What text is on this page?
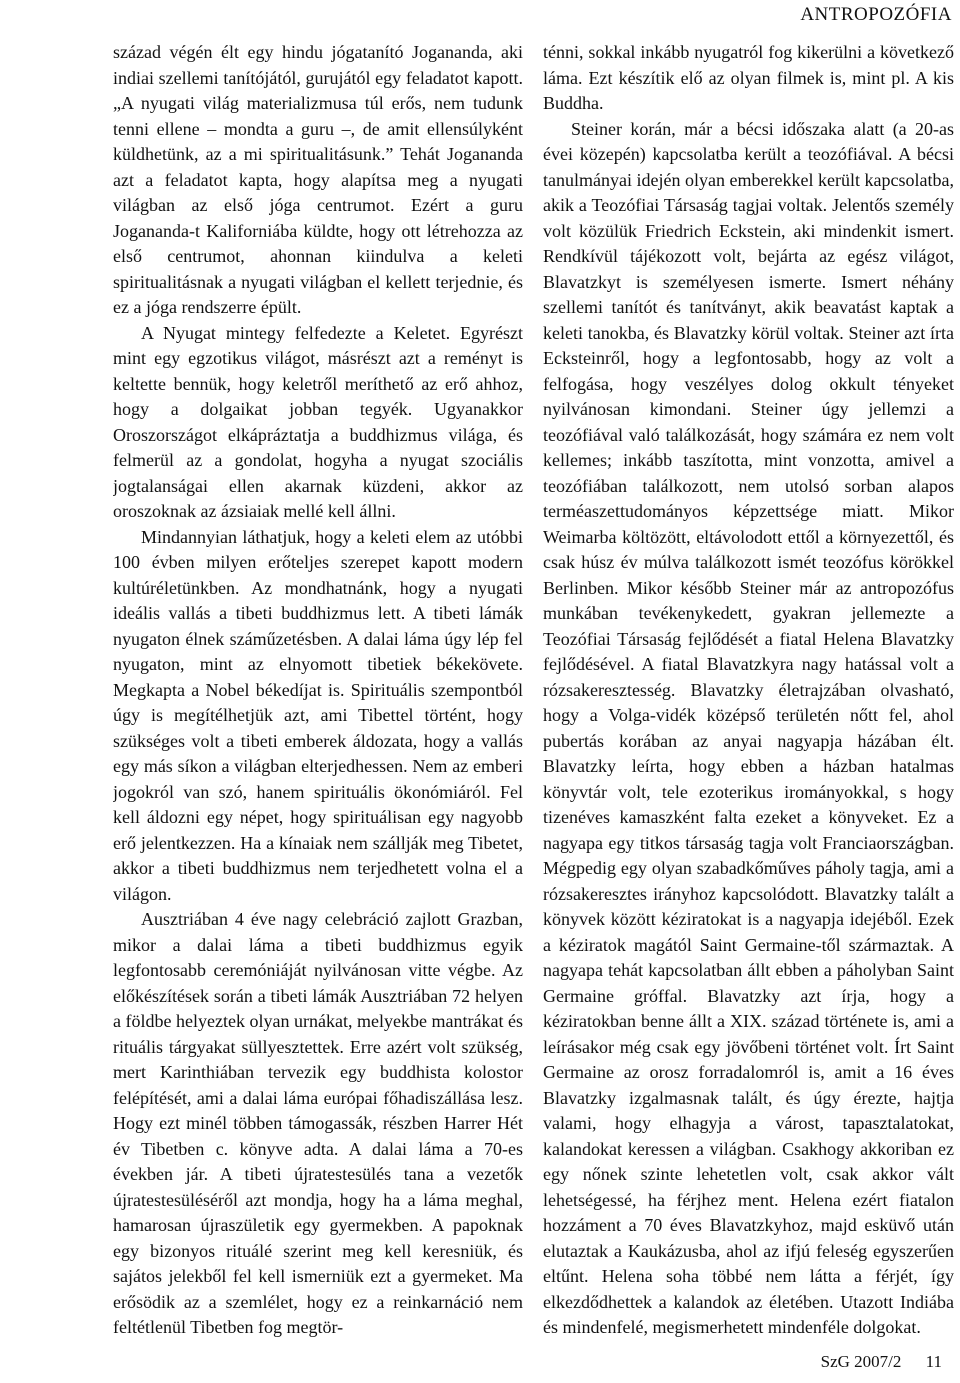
ANTROPOZÓFIA

század végén élt egy hindu jógatanító Jogananda, aki indiai szellemi tanítójától, gurujától egy feladatot kapott. „A nyugati világ materializmusa túl erős, nem tudunk tenni ellene – mondta a guru –, de amit ellensúlyként küldhetünk, az a mi spiritualitásunk.” Tehát Jogananda azt a feladatot kapta, hogy alapítsa meg a nyugati világban az első jóga centrumot. Ezért a guru Jogananda-t Kaliforniába küldte, hogy ott létrehozza az első centrumot, ahonnan kiindulva a keleti spiritualitásnak a nyugati világban el kellett terjednie, és ez a jóga rendszerre épült.

A Nyugat mintegy felfedezte a Keletet. Egyrészt mint egy egzotikus világot, másrészt azt a reményt is keltette bennük, hogy keletről meríthető az erő ahhoz, hogy a dolgaikat jobban tegyék. Ugyanakkor Oroszországot elkápráztatja a buddhizmus világa, és felmerül az a gondolat, hogyha a nyugat szociális jogtalanságai ellen akarnak küzdeni, akkor az oroszoknak az ázsiaiak mellé kell állni.

Mindannyian láthatjuk, hogy a keleti elem az utóbbi 100 évben milyen erőteljes szerepet kapott modern kultúréletünkben. Az mondhatnánk, hogy a nyugati ideális vallás a tibeti buddhizmus lett. A tibeti lámák nyugaton élnek száműzetésben. A dalai láma úgy lép fel nyugaton, mint az elnyomott tibetiek békekövete. Megkapta a Nobel békedíjat is. Spirituális szempontból úgy is megítélhetjük azt, ami Tibettel történt, hogy szükséges volt a tibeti emberek áldozata, hogy a vallás egy más síkon a világban elterjedhessen. Nem az emberi jogokról van szó, hanem spirituális ökonómiáról. Fel kell áldozni egy népet, hogy spirituálisan egy nagyobb erő jelentkezzen. Ha a kínaiak nem szállják meg Tibetet, akkor a tibeti buddhizmus nem terjedhetett volna el a világon.

Ausztriában 4 éve nagy celebráció zajlott Grazban, mikor a dalai láma a tibeti buddhizmus egyik legfontosabb ceremóniáját nyilvánosan vitte végbe. Az előkészítések során a tibeti lámák Ausztriában 72 helyen a földbe helyeztek olyan urnákat, melyekbe mantrákat és rituális tárgyakat süllyesztettek. Erre azért volt szükség, mert Karinthiában tervezik egy buddhista kolostor felépítését, ami a dalai láma európai főhadiszállása lesz. Hogy ezt minél többen támogassák, részben Harrer Hét év Tibetben c. könyve adta. A dalai láma a 70-es években jár. A tibeti újratestesülés tana a vezetők újratestesüléséről azt mondja, hogy ha a láma meghal, hamarosan újraszületik egy gyermekben. A papoknak egy bizonyos rituálé szerint meg kell keresniük, és sajátos jelekből fel kell ismerniük ezt a gyermeket. Ma erősödik az a szemlélet, hogy ez a reinkarnáció nem feltétlenül Tibetben fog megtör-

ténni, sokkal inkább nyugatról fog kikerülni a következő láma. Ezt készítik elő az olyan filmek is, mint pl. A kis Buddha.

Steiner korán, már a bécsi időszaka alatt (a 20-as évei közepén) kapcsolatba került a teozófiával. A bécsi tanulmányai idején olyan emberekkel került kapcsolatba, akik a Teozófiai Társaság tagjai voltak. Jelentős személy volt közülük Friedrich Eckstein, aki mindenkit ismert. Rendkívül tájékozott volt, bejárta az egész világot, Blavatzkyt is személyesen ismerte. Ismert néhány szellemi tanítót és tanítványt, akik beavatást kaptak a keleti tanokba, és Blavatzky körül voltak. Steiner azt írta Ecksteinről, hogy a legfontosabb, hogy az volt a felfogása, hogy veszélyes dolog okkult tényeket nyilvánosan kimondani. Steiner úgy jellemzi a teozófiával való találkozását, hogy számára ez nem volt kellemes; inkább taszította, mint vonzotta, amivel a teozófiában találkozott, nem utolsó sorban alapos terméaszettudományos képzettsége miatt. Mikor Weimarba költözött, eltávolodott ettől a környezettől, és csak húsz év múlva találkozott ismét teozófus körökkel Berlinben. Mikor később Steiner már az antropozófus munkában tevékenykedett, gyakran jellemezte a Teozófiai Társaság fejlődését a fiatal Helena Blavatzky fejlődésével. A fiatal Blavatzkyra nagy hatással volt a rózsakeresztesség. Blavatzky életrajzában olvasható, hogy a Volga-vidék középső területén nőtt fel, ahol pubertás korában az anyai nagyapja házában élt. Blavatzky leírta, hogy ebben a házban hatalmas könyvtár volt, tele ezoterikus irományokkal, s hogy tizenéves kamaszként falta ezeket a könyveket. Ez a nagyapa egy titkos társaság tagja volt Franciaországban. Mégpedig egy olyan szabadkőműves páholy tagja, ami a rózsakeresztes irányhoz kapcsolódott. Blavatzky talált a könyvek között kéziratokat is a nagyapja idejéből. Ezek a kéziratok magától Saint Germaine-től származtak. A nagyapa tehát kapcsolatban állt ebben a páholyban Saint Germaine gróffal. Blavatzky azt írja, hogy a kéziratokban benne állt a XIX. század története is, ami a leírásakor még csak egy jövőbeni történet volt. Írt Saint Germaine az orosz forradalomról is, amit a 16 éves Blavatzky izgalmasnak talált, és úgy érezte, hajtja valami, hogy elhagyja a várost, tapasztalatokat, kalandokat keressen a világban. Csakhogy akkoriban ez egy nőnek szinte lehetetlen volt, csak akkor vált lehetségessé, ha férjhez ment. Helena ezért fiatalon hozzáment a 70 éves Blavatzkyhoz, majd esküvő után elutaztak a Kaukázusba, ahol az ifjú feleség egyszerűen eltűnt. Helena soha többé nem látta a férjét, így elkezdődhettek a kalandok az életében. Utazott Indiába és mindenfelé, megismerhetett mindenféle dolgokat.

SzG 2007/2 11
